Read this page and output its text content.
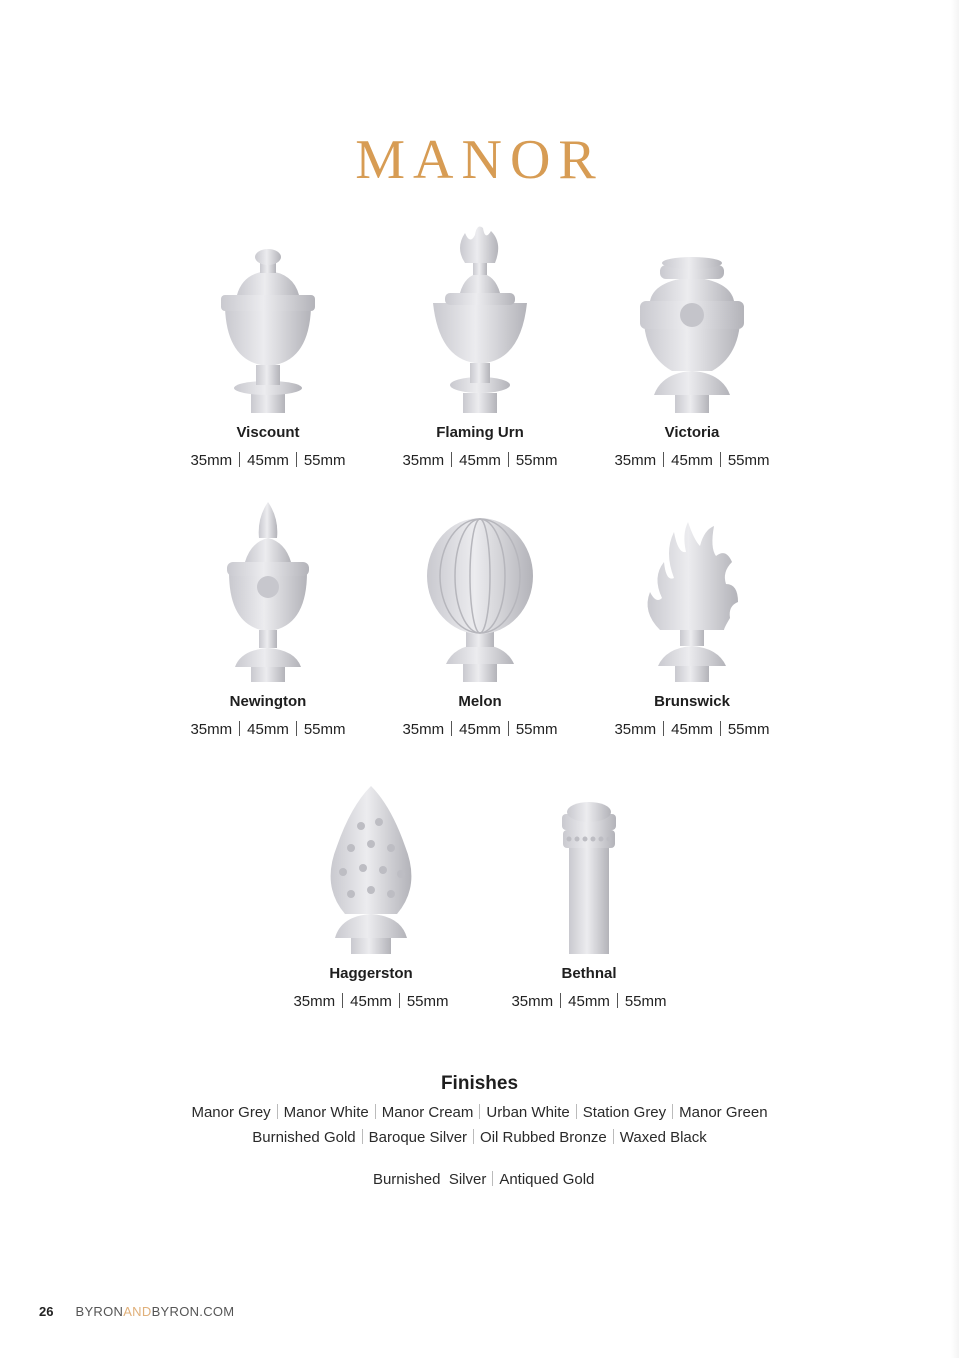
MANOR
Viscount
35mm 45mm 55mm
Flaming Urn
35mm 45mm 55mm
Victoria
35mm 45mm 55mm
Newington
35mm 45mm 55mm
Melon
35mm 45mm 55mm
Brunswick
35mm 45mm 55mm
Haggerston
35mm 45mm 55mm
Bethnal
35mm 45mm 55mm
Finishes
Manor Grey Manor White Manor Cream Urban White Station Grey Manor Green
Burnished Gold Baroque Silver Oil Rubbed Bronze Waxed Black

Burnished  Silver Antiqued Gold

26 BYRONANDBYRON.COM
